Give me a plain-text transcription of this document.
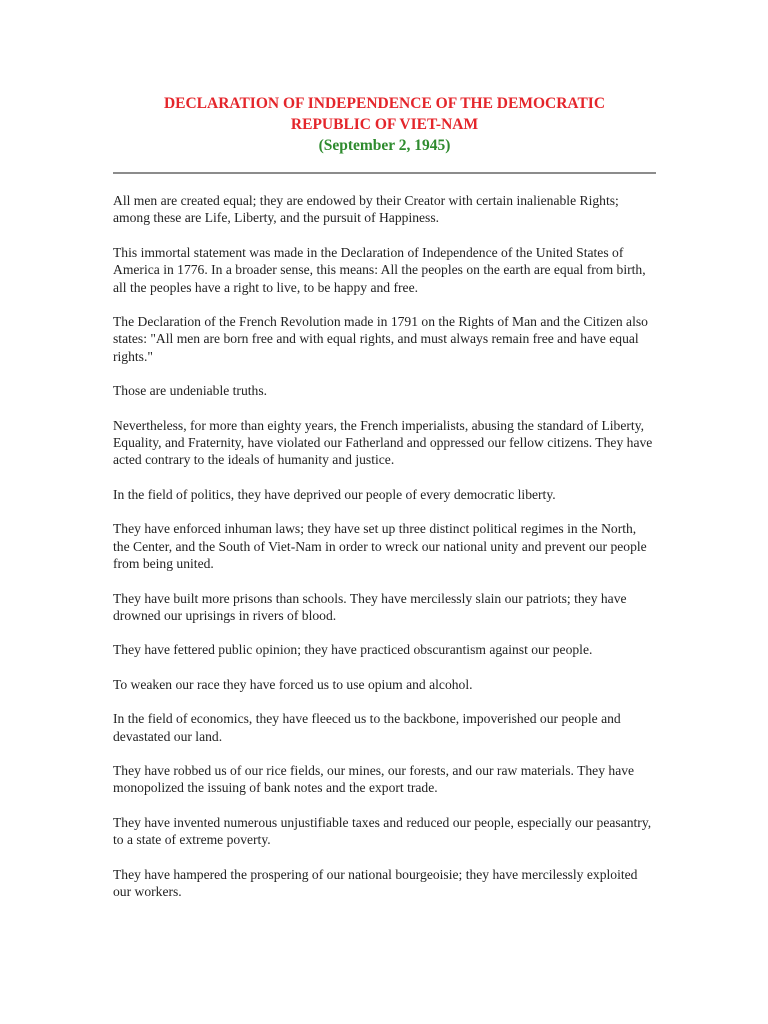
DECLARATION OF INDEPENDENCE OF THE DEMOCRATIC

REPUBLIC OF VIET-NAM

(September 2, 1945)

All men are created equal; they are endowed by their Creator with certain inalienable Rights; among these are Life, Liberty, and the pursuit of Happiness.

This immortal statement was made in the Declaration of Independence of the United States of America in 1776. In a broader sense, this means: All the peoples on the earth are equal from birth, all the peoples have a right to live, to be happy and free.

The Declaration of the French Revolution made in 1791 on the Rights of Man and the Citizen also states: "All men are born free and with equal rights, and must always remain free and have equal rights."

Those are undeniable truths.

Nevertheless, for more than eighty years, the French imperialists, abusing the standard of Liberty, Equality, and Fraternity, have violated our Fatherland and oppressed our fellow citizens. They have acted contrary to the ideals of humanity and justice.

In the field of politics, they have deprived our people of every democratic liberty.

They have enforced inhuman laws; they have set up three distinct political regimes in the North, the Center, and the South of Viet-Nam in order to wreck our national unity and prevent our people from being united.

They have built more prisons than schools. They have mercilessly slain our patriots; they have drowned our uprisings in rivers of blood.

They have fettered public opinion; they have practiced obscurantism against our people.

To weaken our race they have forced us to use opium and alcohol.

In the field of economics, they have fleeced us to the backbone, impoverished our people and devastated our land.

They have robbed us of our rice fields, our mines, our forests, and our raw materials. They have monopolized the issuing of bank notes and the export trade.

They have invented numerous unjustifiable taxes and reduced our people, especially our peasantry, to a state of extreme poverty.

They have hampered the prospering of our national bourgeoisie; they have mercilessly exploited our workers.
